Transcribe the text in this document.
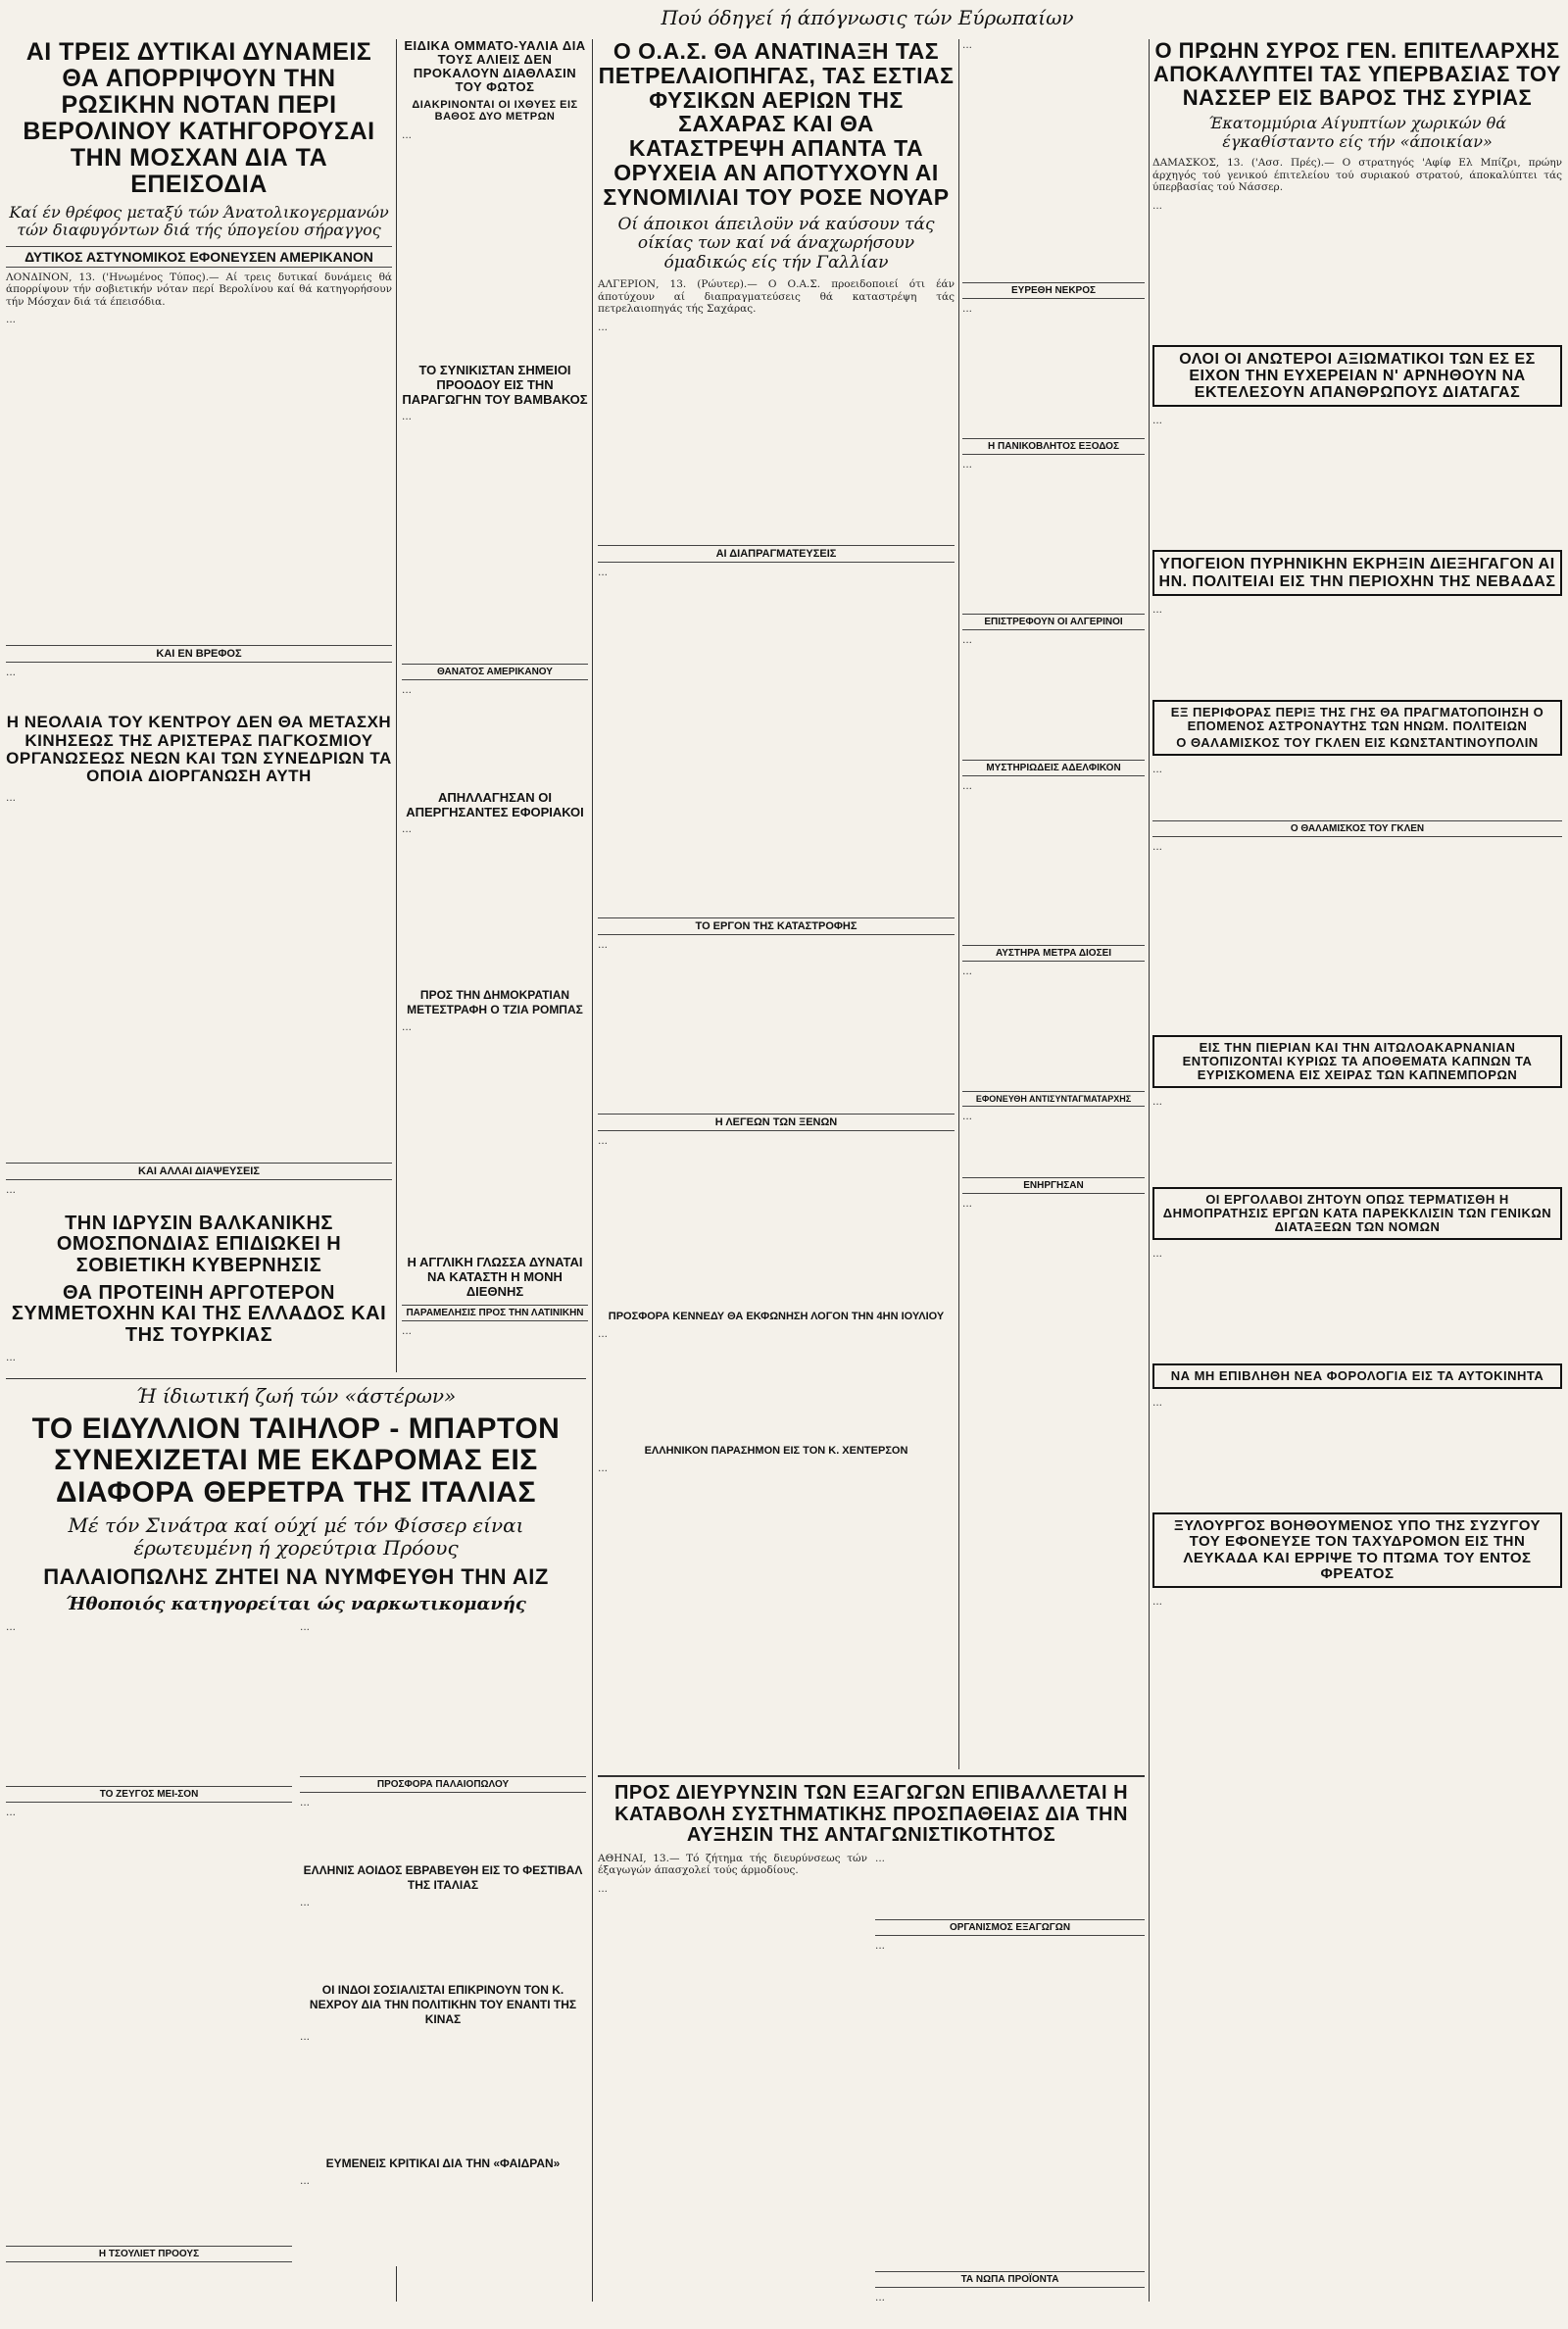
Πού όδηγεί ή άπόγνωσις τών Εύρωπαίων
ΑΙ ΤΡΕΙΣ ΔΥΤΙΚΑΙ ΔΥΝΑΜΕΙΣ ΘΑ ΑΠΟΡΡΙΨΟΥΝ ΤΗΝ ΡΩΣΙΚΗΝ ΝΟΤΑΝ ΠΕΡΙ ΒΕΡΟΛΙΝΟΥ ΚΑΤΗΓΟΡΟΥΣΑΙ ΤΗΝ ΜΟΣΧΑΝ ΔΙΑ ΤΑ ΕΠΕΙΣΟΔΙΑ
Καί έν θρέφος μεταξύ τών Άνατολικογερμανών τών διαφυγόντων διά τής ύπογείου σήραγγος
ΔΥΤΙΚΟΣ ΑΣΤΥΝΟΜΙΚΟΣ ΕΦΟΝΕΥΣΕΝ ΑΜΕΡΙΚΑΝΟΝ

ΛΟΝΔΙΝΟΝ, 13. ('Ηνωμένος Τύπος).— Αί τρεις δυτικαί δυνάμεις θά άπορρίψουν τήν σοβιετικήν νόταν περί Βερολίνου καί θά κατηγορήσουν τήν Μόσχαν διά τά έπεισόδια.

...
ΚΑΙ ΕΝ ΒΡΕΦΟΣ
...
Η ΝΕΟΛΑΙΑ ΤΟΥ ΚΕΝΤΡΟΥ ΔΕΝ ΘΑ ΜΕΤΑΣΧΗ ΚΙΝΗΣΕΩΣ ΤΗΣ ΑΡΙΣΤΕΡΑΣ ΠΑΓΚΟΣΜΙΟΥ ΟΡΓΑΝΩΣΕΩΣ ΝΕΩΝ ΚΑΙ ΤΩΝ ΣΥΝΕΔΡΙΩΝ ΤΑ ΟΠΟΙΑ ΔΙΟΡΓΑΝΩΣΗ ΑΥΤΗ
...
ΚΑΙ ΑΛΛΑΙ ΔΙΑΨΕΥΣΕΙΣ
...
ΤΗΝ ΙΔΡΥΣΙΝ ΒΑΛΚΑΝΙΚΗΣ ΟΜΟΣΠΟΝΔΙΑΣ ΕΠΙΔΙΩΚΕΙ Η ΣΟΒΙΕΤΙΚΗ ΚΥΒΕΡΝΗΣΙΣ
ΘΑ ΠΡΟΤΕΙΝΗ ΑΡΓΟΤΕΡΟΝ ΣΥΜΜΕΤΟΧΗΝ ΚΑΙ ΤΗΣ ΕΛΛΑΔΟΣ ΚΑΙ ΤΗΣ ΤΟΥΡΚΙΑΣ
...
ΕΙΔΙΚΑ ΟΜΜΑΤΟ-ΥΑΛΙΑ ΔΙΑ ΤΟΥΣ ΑΛΙΕΙΣ ΔΕΝ ΠΡΟΚΑΛΟΥΝ ΔΙΑΘΛΑΣΙΝ ΤΟΥ ΦΩΤΟΣ
ΔΙΑΚΡΙΝΟΝΤΑΙ ΟΙ ΙΧΘΥΕΣ ΕΙΣ ΒΑΘΟΣ ΔΥΟ ΜΕΤΡΩΝ
...
ΤΟ ΣΥΝΙΚΙΣΤΑΝ ΣΗΜΕΙΟΙ ΠΡΟΟΔΟΥ ΕΙΣ ΤΗΝ ΠΑΡΑΓΩΓΗΝ ΤΟΥ ΒΑΜΒΑΚΟΣ
...
ΘΑΝΑΤΟΣ ΑΜΕΡΙΚΑΝΟΥ
...
ΑΠΗΛΛΑΓΗΣΑΝ ΟΙ ΑΠΕΡΓΗΣΑΝΤΕΣ ΕΦΟΡΙΑΚΟΙ
...
ΠΡΟΣ ΤΗΝ ΔΗΜΟΚΡΑΤΙΑΝ ΜΕΤΕΣΤΡΑΦΗ Ο ΤΖΙΑ ΡΟΜΠΑΣ
...
Η ΑΓΓΛΙΚΗ ΓΛΩΣΣΑ ΔΥΝΑΤΑΙ ΝΑ ΚΑΤΑΣΤΗ Η ΜΟΝΗ ΔΙΕΘΝΗΣ
ΠΑΡΑΜΕΛΗΣΙΣ ΠΡΟΣ ΤΗΝ ΛΑΤΙΝΙΚΗΝ
...
Ο Ο.Α.Σ. ΘΑ ΑΝΑΤΙΝΑΞΗ ΤΑΣ ΠΕΤΡΕΛΑΙΟΠΗΓΑΣ, ΤΑΣ ΕΣΤΙΑΣ ΦΥΣΙΚΩΝ ΑΕΡΙΩΝ ΤΗΣ ΣΑΧΑΡΑΣ ΚΑΙ ΘΑ ΚΑΤΑΣΤΡΕΨΗ ΑΠΑΝΤΑ ΤΑ ΟΡΥΧΕΙΑ ΑΝ ΑΠΟΤΥΧΟΥΝ ΑΙ ΣΥΝΟΜΙΛΙΑΙ ΤΟΥ ΡΟΣΕ ΝΟΥΑΡ
Οί άποικοι άπειλοϋν νά καύσουν τάς οίκίας των καί νά άναχωρήσουν όμαδικώς είς τήν Γαλλίαν

ΑΛΓΕΡΙΟΝ, 13. (Ρώυτερ).— Ο Ο.Α.Σ. προειδοποιεί ότι έάν άποτύχουν αί διαπραγματεύσεις θά καταστρέψη τάς πετρελαιοπηγάς τής Σαχάρας.

...
ΑΙ ΔΙΑΠΡΑΓΜΑΤΕΥΣΕΙΣ
...
ΤΟ ΕΡΓΟΝ ΤΗΣ ΚΑΤΑΣΤΡΟΦΗΣ
...
Η ΛΕΓΕΩΝ ΤΩΝ ΞΕΝΩΝ
...
...
ΕΥΡΕΘΗ ΝΕΚΡΟΣ
...
Η ΠΑΝΙΚΟΒΛΗΤΟΣ ΕΞΟΔΟΣ
...
ΕΠΙΣΤΡΕΦΟΥΝ ΟΙ ΑΛΓΕΡΙΝΟΙ
...
ΜΥΣΤΗΡΙΩΔΕΙΣ ΑΔΕΛΦΙΚΟΝ
...
ΑΥΣΤΗΡΑ ΜΕΤΡΑ ΔΙΟΣΕΙ
...
ΕΦΟΝΕΥΘΗ ΑΝΤΙΣΥΝΤΑΓΜΑΤΑΡΧΗΣ
...
ΕΝΗΡΓΗΣΑΝ
...
Ο ΠΡΩΗΝ ΣΥΡΟΣ ΓΕΝ. ΕΠΙΤΕΛΑΡΧΗΣ ΑΠΟΚΑΛΥΠΤΕΙ ΤΑΣ ΥΠΕΡΒΑΣΙΑΣ ΤΟΥ ΝΑΣΣΕΡ ΕΙΣ ΒΑΡΟΣ ΤΗΣ ΣΥΡΙΑΣ
Έκατομμύρια Αίγυπτίων χωρικών θά έγκαθίσταντο είς τήν «άποικίαν»

ΔΑΜΑΣΚΟΣ, 13. ('Ασσ. Πρές).— Ο στρατηγός 'Αφίφ Ελ Μπίζρι, πρώην άρχηγός τού γενικού έπιτελείου τού συριακού στρατού, άποκαλύπτει τάς ύπερβασίας τού Νάσσερ.

...
ΟΛΟΙ ΟΙ ΑΝΩΤΕΡΟΙ ΑΞΙΩΜΑΤΙΚΟΙ ΤΩΝ ΕΣ ΕΣ ΕΙΧΟΝ ΤΗΝ ΕΥΧΕΡΕΙΑΝ Ν' ΑΡΝΗΘΟΥΝ ΝΑ ΕΚΤΕΛΕΣΟΥΝ ΑΠΑΝΘΡΩΠΟΥΣ ΔΙΑΤΑΓΑΣ
...
ΥΠΟΓΕΙΟΝ ΠΥΡΗΝΙΚΗΝ ΕΚΡΗΞΙΝ ΔΙΕΞΗΓΑΓΟΝ ΑΙ ΗΝ. ΠΟΛΙΤΕΙΑΙ ΕΙΣ ΤΗΝ ΠΕΡΙΟΧΗΝ ΤΗΣ ΝΕΒΑΔΑΣ
...
ΕΞ ΠΕΡΙΦΟΡΑΣ ΠΕΡΙΞ ΤΗΣ ΓΗΣ ΘΑ ΠΡΑΓΜΑΤΟΠΟΙΗΣΗ Ο ΕΠΟΜΕΝΟΣ ΑΣΤΡΟΝΑΥΤΗΣ ΤΩΝ ΗΝΩΜ. ΠΟΛΙΤΕΙΩΝ
Ο ΘΑΛΑΜΙΣΚΟΣ ΤΟΥ ΓΚΛΕΝ ΕΙΣ ΚΩΝΣΤΑΝΤΙΝΟΥΠΟΛΙΝ
...
Ο ΘΑΛΑΜΙΣΚΟΣ ΤΟΥ ΓΚΛΕΝ
...
ΕΙΣ ΤΗΝ ΠΙΕΡΙΑΝ ΚΑΙ ΤΗΝ ΑΙΤΩΛΟΑΚΑΡΝΑΝΙΑΝ ΕΝΤΟΠΙΖΟΝΤΑΙ ΚΥΡΙΩΣ ΤΑ ΑΠΟΘΕΜΑΤΑ ΚΑΠΝΩΝ ΤΑ ΕΥΡΙΣΚΟΜΕΝΑ ΕΙΣ ΧΕΙΡΑΣ ΤΩΝ ΚΑΠΝΕΜΠΟΡΩΝ
...
ΟΙ ΕΡΓΟΛΑΒΟΙ ΖΗΤΟΥΝ ΟΠΩΣ ΤΕΡΜΑΤΙΣΘΗ Η ΔΗΜΟΠΡΑΤΗΣΙΣ ΕΡΓΩΝ ΚΑΤΑ ΠΑΡΕΚΚΛΙΣΙΝ ΤΩΝ ΓΕΝΙΚΩΝ ΔΙΑΤΑΞΕΩΝ ΤΩΝ ΝΟΜΩΝ
...
ΝΑ ΜΗ ΕΠΙΒΛΗΘΗ ΝΕΑ ΦΟΡΟΛΟΓΙΑ ΕΙΣ ΤΑ ΑΥΤΟΚΙΝΗΤΑ
...
ΞΥΛΟΥΡΓΟΣ ΒΟΗΘΟΥΜΕΝΟΣ ΥΠΟ ΤΗΣ ΣΥΖΥΓΟΥ ΤΟΥ ΕΦΟΝΕΥΣΕ ΤΟΝ ΤΑΧΥΔΡΟΜΟΝ ΕΙΣ ΤΗΝ ΛΕΥΚΑΔΑ ΚΑΙ ΕΡΡΙΨΕ ΤΟ ΠΤΩΜΑ ΤΟΥ ΕΝΤΟΣ ΦΡΕΑΤΟΣ
...
Ή ίδιωτική ζωή τών «άστέρων»
ΤΟ ΕΙΔΥΛΛΙΟΝ ΤΑΙΗΛΟΡ - ΜΠΑΡΤΟΝ ΣΥΝΕΧΙΖΕΤΑΙ ΜΕ ΕΚΔΡΟΜΑΣ ΕΙΣ ΔΙΑΦΟΡΑ ΘΕΡΕΤΡΑ ΤΗΣ ΙΤΑΛΙΑΣ
Μέ τόν Σινάτρα καί ούχί μέ τόν Φίσσερ είναι έρωτευμένη ή χορεύτρια Πρόους
ΠΑΛΑΙΟΠΩΛΗΣ ΖΗΤΕΙ ΝΑ ΝΥΜΦΕΥΘΗ ΤΗΝ ΑΙΖ
Ήθοποιός κατηγορείται ώς ναρκωτικομανής
...
ΤΟ ΖΕΥΓΟΣ ΜΕΙ-ΣΟΝ
...
Η ΤΣΟΥΛΙΕΤ ΠΡΟΟΥΣ
...
ΠΡΟΣΦΟΡΑ ΠΑΛΑΙΟΠΩΛΟΥ
...
ΕΛΛΗΝΙΣ ΑΟΙΔΟΣ ΕΒΡΑΒΕΥΘΗ ΕΙΣ ΤΟ ΦΕΣΤΙΒΑΛ ΤΗΣ ΙΤΑΛΙΑΣ
...
ΟΙ ΙΝΔΟΙ ΣΟΣΙΑΛΙΣΤΑΙ ΕΠΙΚΡΙΝΟΥΝ ΤΟΝ Κ. ΝΕΧΡΟΥ ΔΙΑ ΤΗΝ ΠΟΛΙΤΙΚΗΝ ΤΟΥ ΕΝΑΝΤΙ ΤΗΣ ΚΙΝΑΣ
...
ΕΥΜΕΝΕΙΣ ΚΡΙΤΙΚΑΙ ΔΙΑ ΤΗΝ «ΦΑΙΔΡΑΝ»
...
ΠΡΟΣΦΟΡΑ ΚΕΝΝΕΔΥ ΘΑ ΕΚΦΩΝΗΣΗ ΛΟΓΟΝ ΤΗΝ 4ΗΝ ΙΟΥΛΙΟΥ
...
ΕΛΛΗΝΙΚΟΝ ΠΑΡΑΣΗΜΟΝ ΕΙΣ ΤΟΝ Κ. ΧΕΝΤΕΡΣΟΝ
...
ΠΡΟΣ ΔΙΕΥΡΥΝΣΙΝ ΤΩΝ ΕΞΑΓΩΓΩΝ ΕΠΙΒΑΛΛΕΤΑΙ Η ΚΑΤΑΒΟΛΗ ΣΥΣΤΗΜΑΤΙΚΗΣ ΠΡΟΣΠΑΘΕΙΑΣ ΔΙΑ ΤΗΝ ΑΥΞΗΣΙΝ ΤΗΣ ΑΝΤΑΓΩΝΙΣΤΙΚΟΤΗΤΟΣ

ΑΘΗΝΑΙ, 13.— Τό ζήτημα τής διευρύνσεως τών έξαγωγών άπασχολεί τούς άρμοδίους.

...
...
ΟΡΓΑΝΙΣΜΟΣ ΕΞΑΓΩΓΩΝ
...
ΤΑ ΝΩΠΑ ΠΡΟΪΟΝΤΑ
...
